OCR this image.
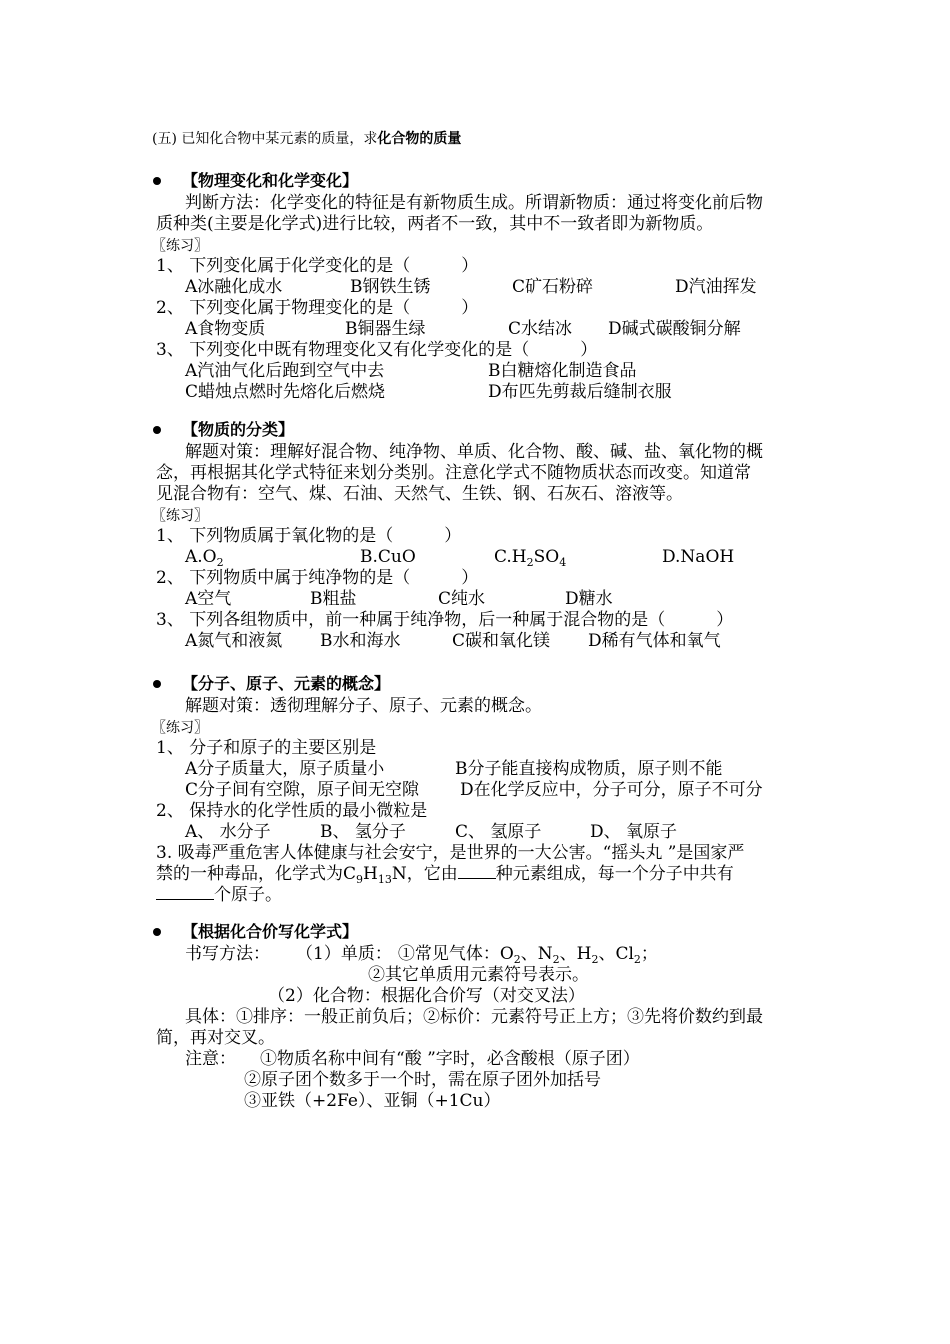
(五) 已知化合物中某元素的质量，求化合物的质量
【物理变化和化学变化】
判断方法：化学变化的特征是有新物质生成。所谓新物质：通过将变化前后物
质种类(主要是化学式)进行比较，两者不一致，其中不一致者即为新物质。
〖练习〗
1、 下列变化属于化学变化的是（　　　）
A冰融化成水	B钢铁生锈	C矿石粉碎	D汽油挥发
2、 下列变化属于物理变化的是（　　　）
A食物变质	B铜器生绿	C水结冰 D碱式碳酸铜分解
3、 下列变化中既有物理变化又有化学变化的是（　　　）
A汽油气化后跑到空气中去	B白糖熔化制造食品
C蜡烛点燃时先熔化后燃烧	D布匹先剪裁后缝制衣服
【物质的分类】
解题对策：理解好混合物、纯净物、单质、化合物、酸、碱、盐、氧化物的概
念，再根据其化学式特征来划分类别。注意化学式不随物质状态而改变。知道常
见混合物有：空气、煤、石油、天然气、生铁、钢、石灰石、溶液等。
〖练习〗
1、 下列物质属于氧化物的是（　　　）
$A.O_2$	B.CuO	$C.H_2SO_4$	D.NaOH
2、 下列物质中属于纯净物的是（　　　）
A空气	B粗盐	C纯水	D糖水
3、 下列各组物质中，前一种属于纯净物，后一种属于混合物的是（　　　）
A氮气和液氮 B水和海水	C碳和氧化镁 D稀有气体和氧气
【分子、原子、元素的概念】
解题对策：透彻理解分子、原子、元素的概念。
〖练习〗
1、 分子和原子的主要区别是
A分子质量大，原子质量小	B分子能直接构成物质，原子则不能
C分子间有空隙，原子间无空隙 D在化学反应中，分子可分，原子不可分
2、 保持水的化学性质的最小微粒是
A、 水分子	B、 氢分子	C、 氢原子	D、 氧原子
3. 吸毒严重危害人体健康与社会安宁，是世界的一大公害。“摇头丸 ”是国家严
禁的一种毒品，化学式为$C_9H_{13}N$，它由 种元素组成，每一个分子中共有
个原子。
【根据化合价写化学式】
书写方法： （1）单质： ①常见气体：$O_2$、$N_2$、$H_2$、$Cl_2$；
②其它单质用元素符号表示。
（2）化合物：根据化合价写（对交叉法）
具体：①排序：一般正前负后；②标价：元素符号正上方；③先将价数约到最
简，再对交叉。
注意： ①物质名称中间有“酸 ”字时，必含酸根（原子团）
②原子团个数多于一个时，需在原子团外加括号
③亚铁（+2Fe）、亚铜（+1Cu）
